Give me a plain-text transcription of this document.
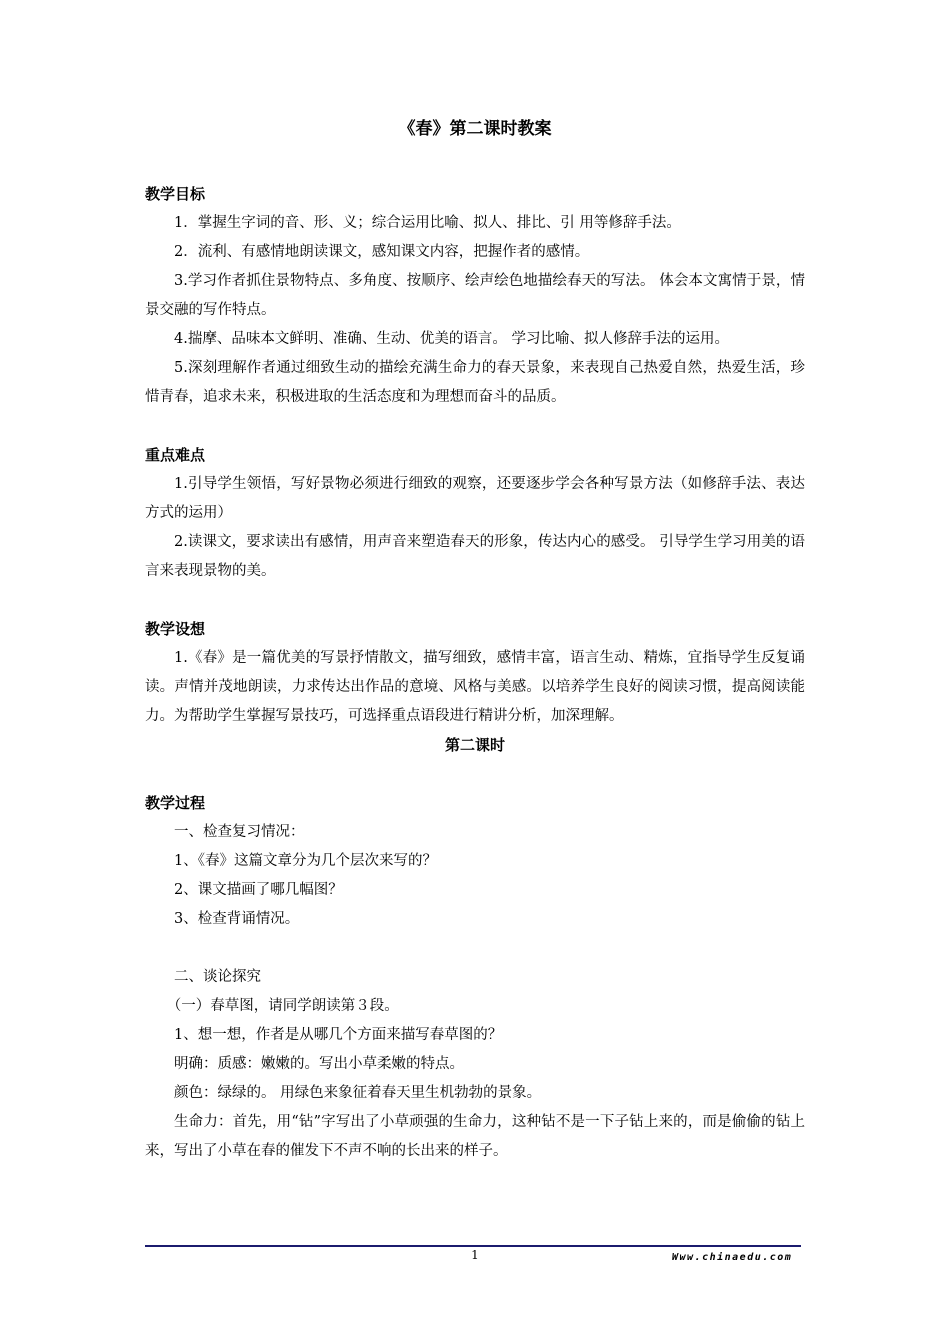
《春》第二课时教案

教学目标

1．掌握生字词的音、形、义；综合运用比喻、拟人、排比、引 用等修辞手法。

2．流利、有感情地朗读课文，感知课文内容，把握作者的感情。

3.学习作者抓住景物特点、多角度、按顺序、绘声绘色地描绘春天的写法。 体会本文寓情于景，情景交融的写作特点。

4.揣摩、品味本文鲜明、准确、生动、优美的语言。 学习比喻、拟人修辞手法的运用。

5.深刻理解作者通过细致生动的描绘充满生命力的春天景象，来表现自己热爱自然，热爱生活，珍惜青春，追求未来，积极进取的生活态度和为理想而奋斗的品质。

重点难点

1.引导学生领悟，写好景物必须进行细致的观察，还要逐步学会各种写景方法（如修辞手法、表达方式的运用）

2.读课文，要求读出有感情，用声音来塑造春天的形象，传达内心的感受。 引导学生学习用美的语言来表现景物的美。

教学设想

1.《春》是一篇优美的写景抒情散文，描写细致，感情丰富，语言生动、精炼，宜指导学生反复诵读。声情并茂地朗读，力求传达出作品的意境、风格与美感。以培养学生良好的阅读习惯，提高阅读能力。为帮助学生掌握写景技巧，可选择重点语段进行精讲分析，加深理解。

第二课时

教学过程

一、检查复习情况：

1、《春》这篇文章分为几个层次来写的？

2、课文描画了哪几幅图？

3、检查背诵情况。

二、谈论探究

（一）春草图，请同学朗读第３段。

1、想一想，作者是从哪几个方面来描写春草图的？

明确：质感：嫩嫩的。写出小草柔嫩的特点。

颜色：绿绿的。 用绿色来象征着春天里生机勃勃的景象。

生命力：首先，用“钻”字写出了小草顽强的生命力，这种钻不是一下子钻上来的，而是偷偷的钻上来，写出了小草在春的催发下不声不响的长出来的样子。

1	Www.chinaedu.com
